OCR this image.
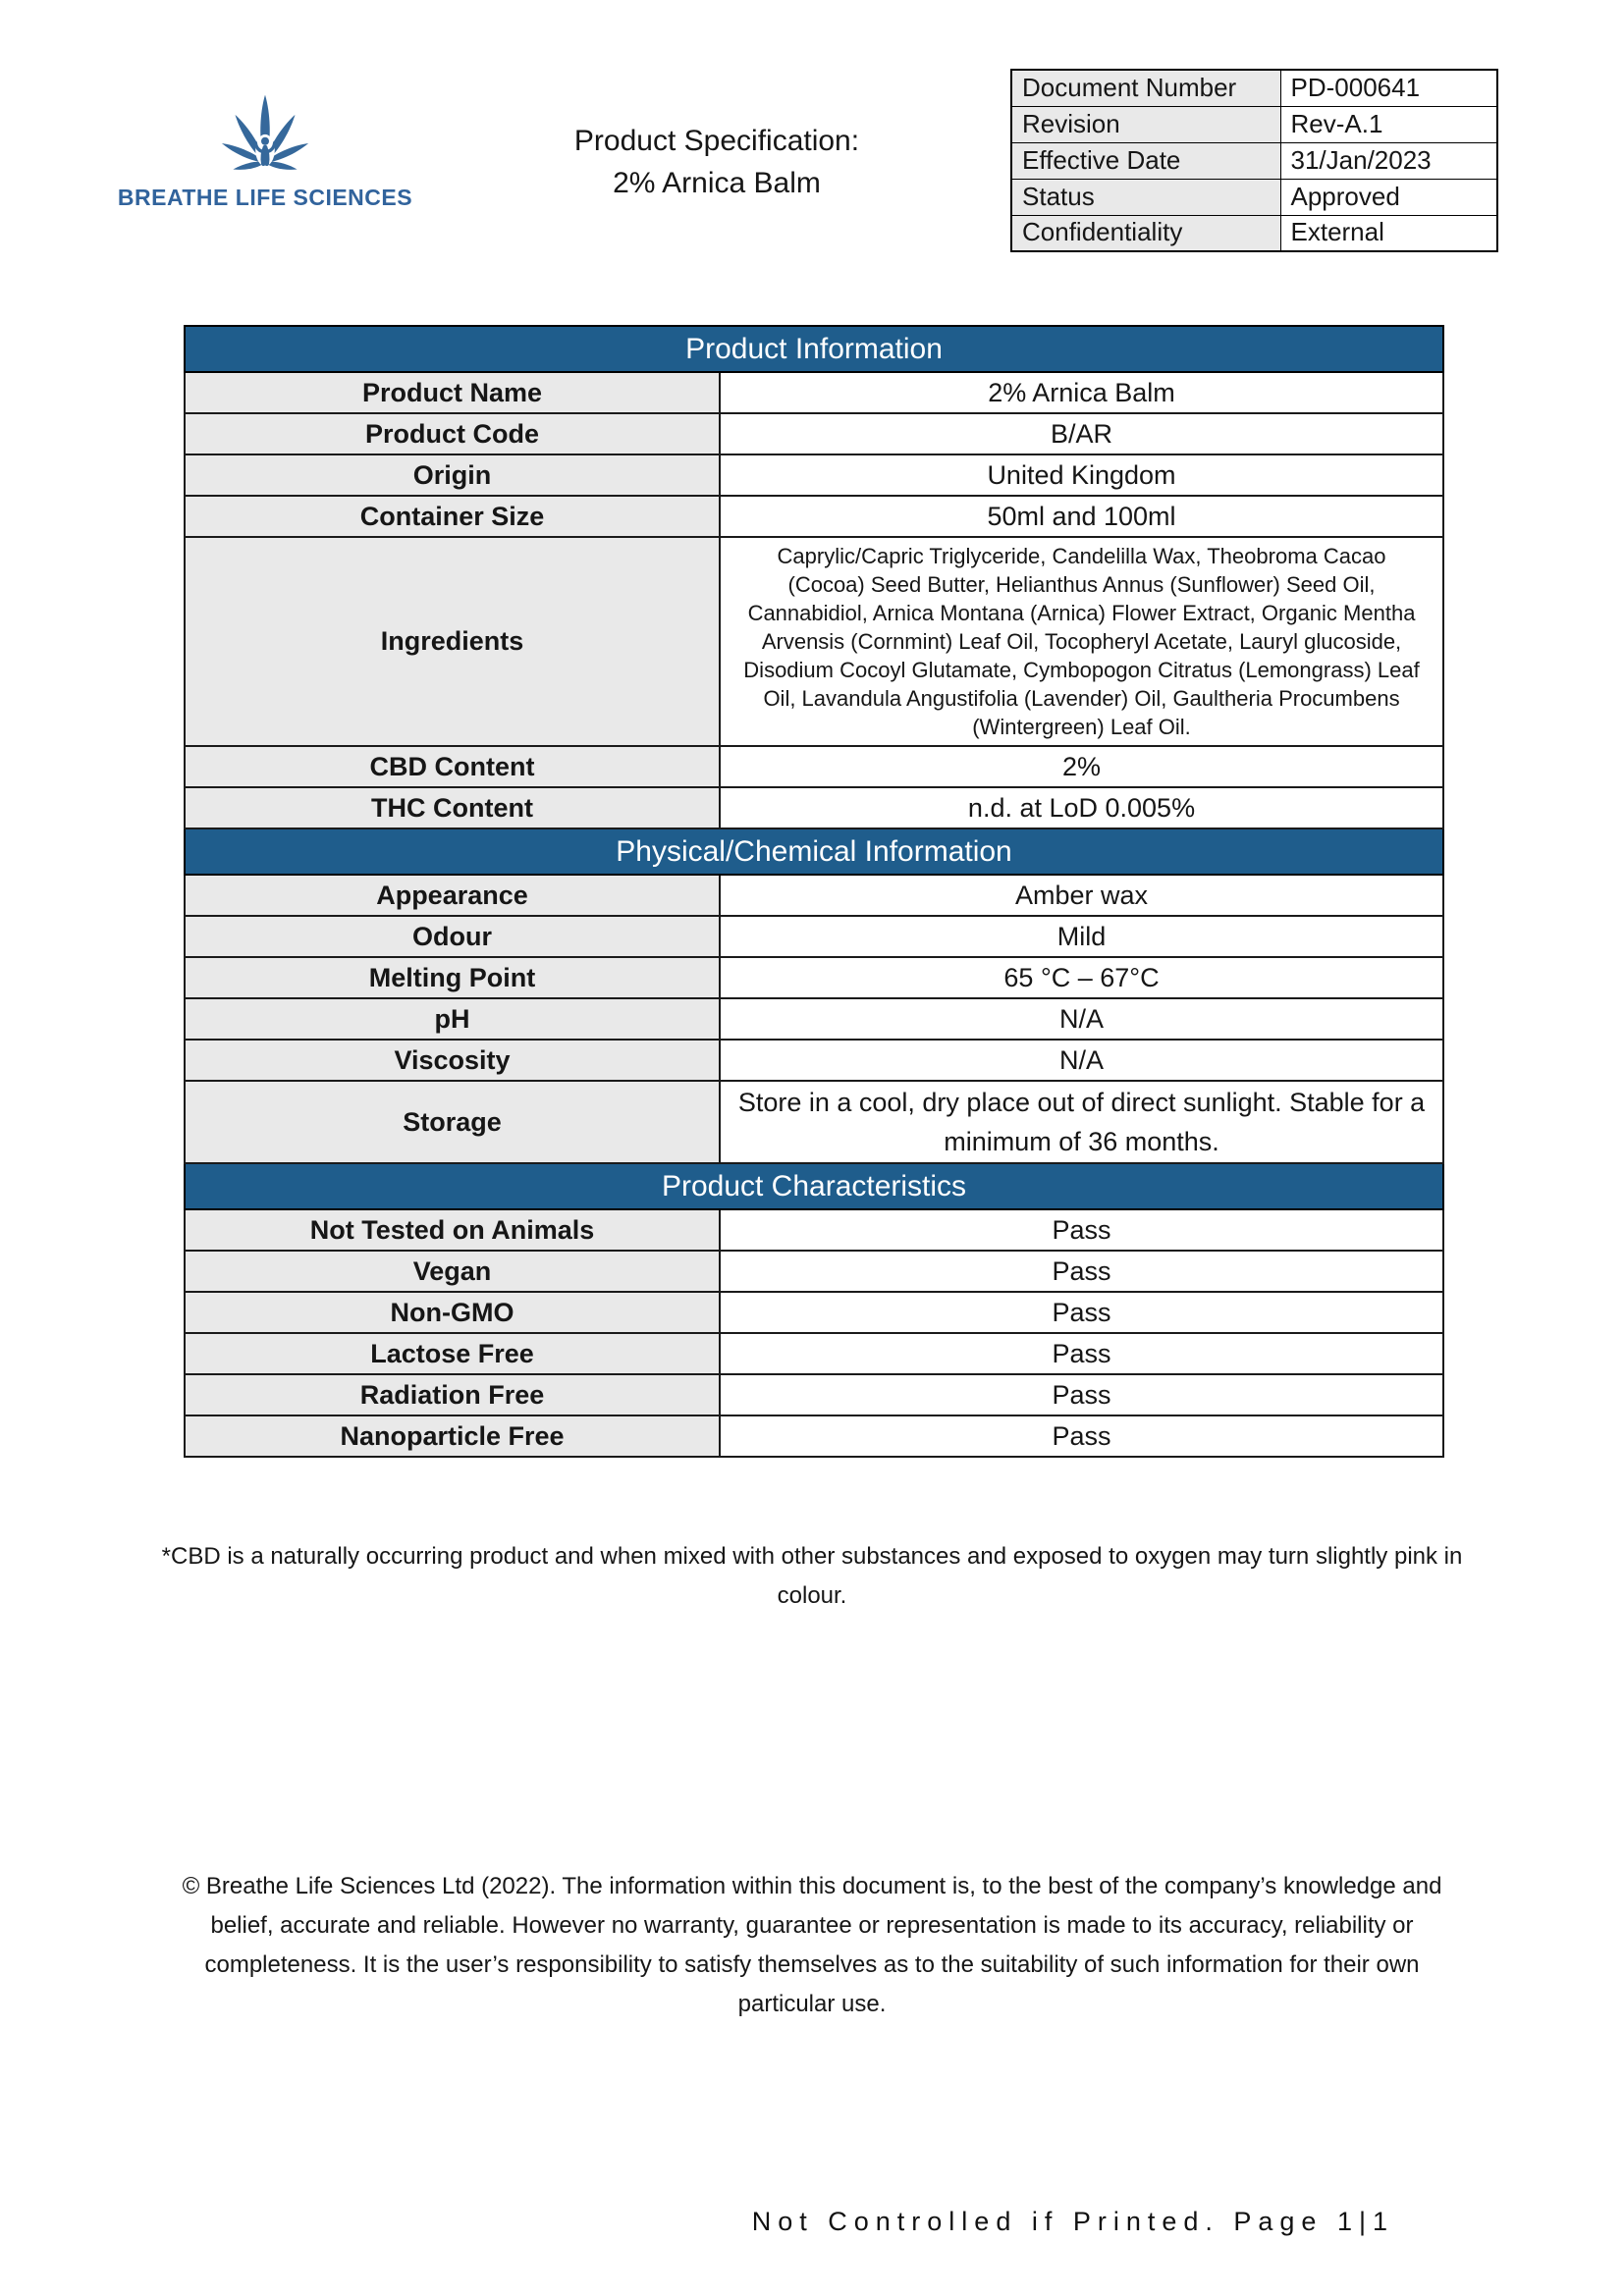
BREATHE LIFE SCIENCES
Product Specification:
2% Arnica Balm
Document Number	PD-000641
Revision	Rev-A.1
Effective Date	31/Jan/2023
Status	Approved
Confidentiality	External
Product Information	
Product Name	2% Arnica Balm
Product Code	B/AR
Origin	United Kingdom
Container Size	50ml and 100ml
Ingredients	Caprylic/Capric Triglyceride, Candelilla Wax, Theobroma Cacao (Cocoa) Seed Butter, Helianthus Annus (Sunflower) Seed Oil, Cannabidiol, Arnica Montana (Arnica) Flower Extract, Organic Mentha Arvensis (Cornmint) Leaf Oil, Tocopheryl Acetate, Lauryl glucoside, Disodium Cocoyl Glutamate, Cymbopogon Citratus (Lemongrass) Leaf Oil, Lavandula Angustifolia (Lavender) Oil, Gaultheria Procumbens (Wintergreen) Leaf Oil.
CBD Content	2%
THC Content	n.d. at LoD 0.005%
Physical/Chemical Information	
Appearance	Amber wax
Odour	Mild
Melting Point	65 °C – 67°C
pH	N/A
Viscosity	N/A
Storage	Store in a cool, dry place out of direct sunlight. Stable for a minimum of 36 months.
Product Characteristics	
Not Tested on Animals	Pass
Vegan	Pass
Non-GMO	Pass
Lactose Free	Pass
Radiation Free	Pass
Nanoparticle Free	Pass
*CBD is a naturally occurring product and when mixed with other substances and exposed to oxygen may turn slightly pink in colour.
© Breathe Life Sciences Ltd (2022). The information within this document is, to the best of the company’s knowledge and belief, accurate and reliable. However no warranty, guarantee or representation is made to its accuracy, reliability or completeness. It is the user’s responsibility to satisfy themselves as to the suitability of such information for their own particular use.
Not Controlled if Printed. Page 1|1
